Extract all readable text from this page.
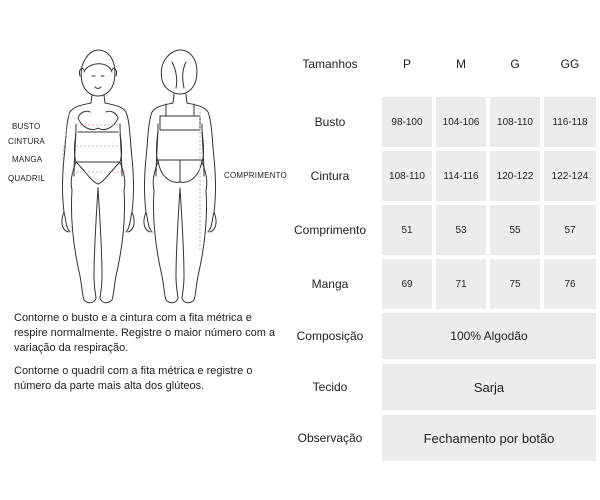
BUSTO
CINTURA
MANGA
QUADRIL	COMPRIMENTO

Contorne o busto e a cintura com a fita métrica e respire normalmente. Registre o maior número com a variação da respiração.

Contorne o quadril com a fita métrica e registre o número da parte mais alta dos glúteos.

Tamanhos	P	M	G	GG
Busto	98-100	104-106	108-110	116-118
Cintura	108-110	114-116	120-122	122-124
Comprimento	51	53	55	57
Manga	69	71	75	76
Composição	100% Algodão
Tecido	Sarja
Observação	Fechamento por botão
